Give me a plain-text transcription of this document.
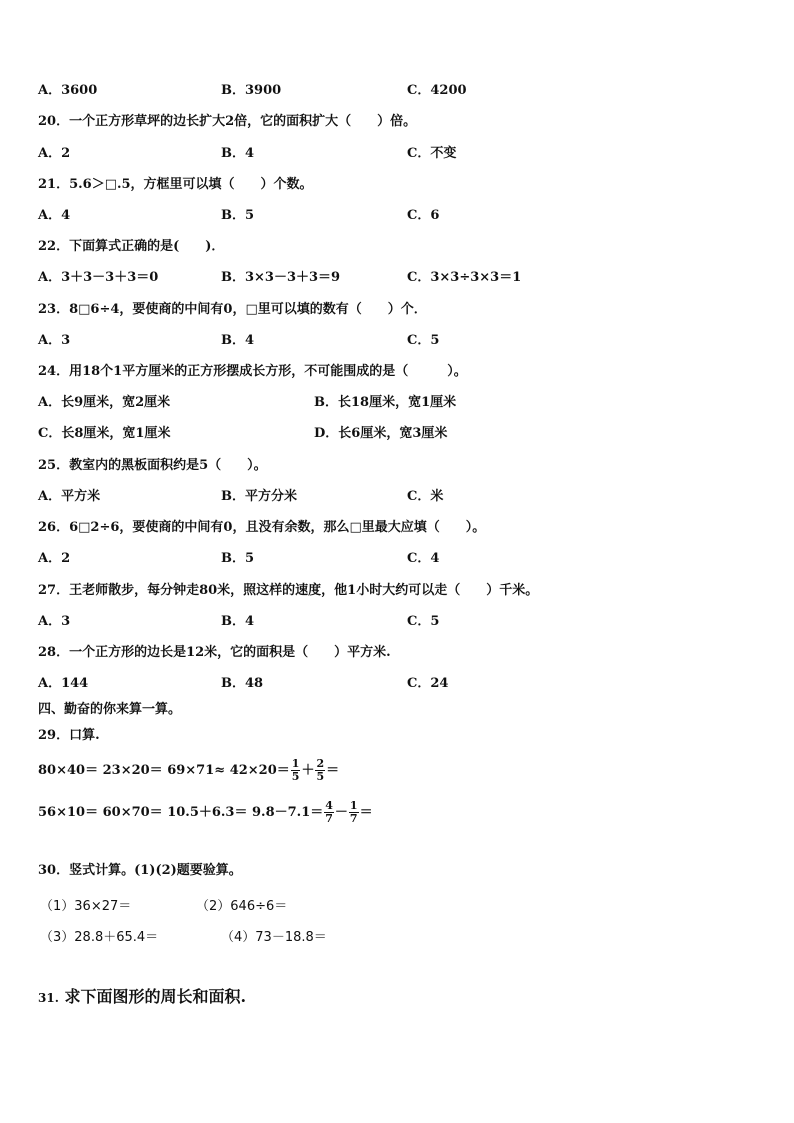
A．3600	B．3900	C．4200
20．一个正方形草坪的边长扩大2倍，它的面积扩大（　　）倍。
A．2	B．4	C．不变
21．5.6＞□.5，方框里可以填（　　）个数。
A．4	B．5	C．6
22．下面算式正确的是(　　)．
A．3＋3－3＋3＝0	B．3×3－3＋3＝9	C．3×3÷3×3＝1
23．8□6÷4，要使商的中间有0，□里可以填的数有（　　）个．
A．3	B．4	C．5
24．用18个1平方厘米的正方形摆成长方形，不可能围成的是（　　　）。
A．长9厘米，宽2厘米	B．长18厘米，宽1厘米
C．长8厘米，宽1厘米	D．长6厘米，宽3厘米
25．教室内的黑板面积约是5（　　）。
A．平方米	B．平方分米	C．米
26．6□2÷6，要使商的中间有0，且没有余数，那么□里最大应填（　　）。
A．2	B．5	C．4
27．王老师散步，每分钟走80米，照这样的速度，他1小时大约可以走（　　）千米。
A．3	B．4	C．5
28．一个正方形的边长是12米，它的面积是（　　）平方米.
A．144	B．48	C．24
四、勤奋的你来算一算。
29．口算.
$80\times 40= 23\times 20= 69\times 71\approx 42\times 20= \frac{1}{5} + \frac{2}{5}$ ＝
$56\times 10= 60\times 70= 10.5+6.3= 9.8-7.1= \frac{4}{7} - \frac{1}{7}$ ＝
30．竖式计算。(1)(2)题要验算。
（1）36×27＝	（2）646÷6＝
（3）28.8＋65.4＝	（4）73－18.8＝
31. 求下面图形的周长和面积.
